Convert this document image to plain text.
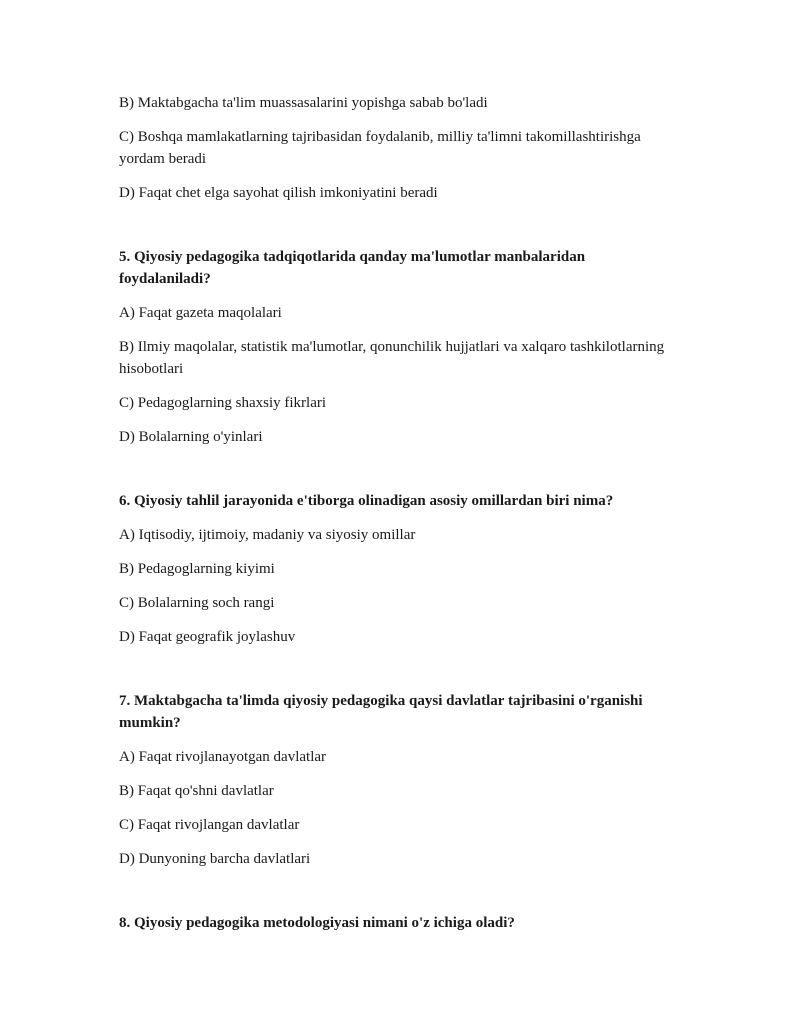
B) Maktabgacha ta'lim muassasalarini yopishga sabab bo'ladi

C) Boshqa mamlakatlarning tajribasidan foydalanib, milliy ta'limni takomillashtirishga yordam beradi

D) Faqat chet elga sayohat qilish imkoniyatini beradi

5. Qiyosiy pedagogika tadqiqotlarida qanday ma'lumotlar manbalaridan foydalaniladi?

A) Faqat gazeta maqolalari

B) Ilmiy maqolalar, statistik ma'lumotlar, qonunchilik hujjatlari va xalqaro tashkilotlarning hisobotlari

C) Pedagoglarning shaxsiy fikrlari

D) Bolalarning o'yinlari

6. Qiyosiy tahlil jarayonida e'tiborga olinadigan asosiy omillardan biri nima?

A) Iqtisodiy, ijtimoiy, madaniy va siyosiy omillar

B) Pedagoglarning kiyimi

C) Bolalarning soch rangi

D) Faqat geografik joylashuv

7. Maktabgacha ta'limda qiyosiy pedagogika qaysi davlatlar tajribasini o'rganishi mumkin?

A) Faqat rivojlanayotgan davlatlar

B) Faqat qo'shni davlatlar

C) Faqat rivojlangan davlatlar

D) Dunyoning barcha davlatlari

8. Qiyosiy pedagogika metodologiyasi nimani o'z ichiga oladi?
